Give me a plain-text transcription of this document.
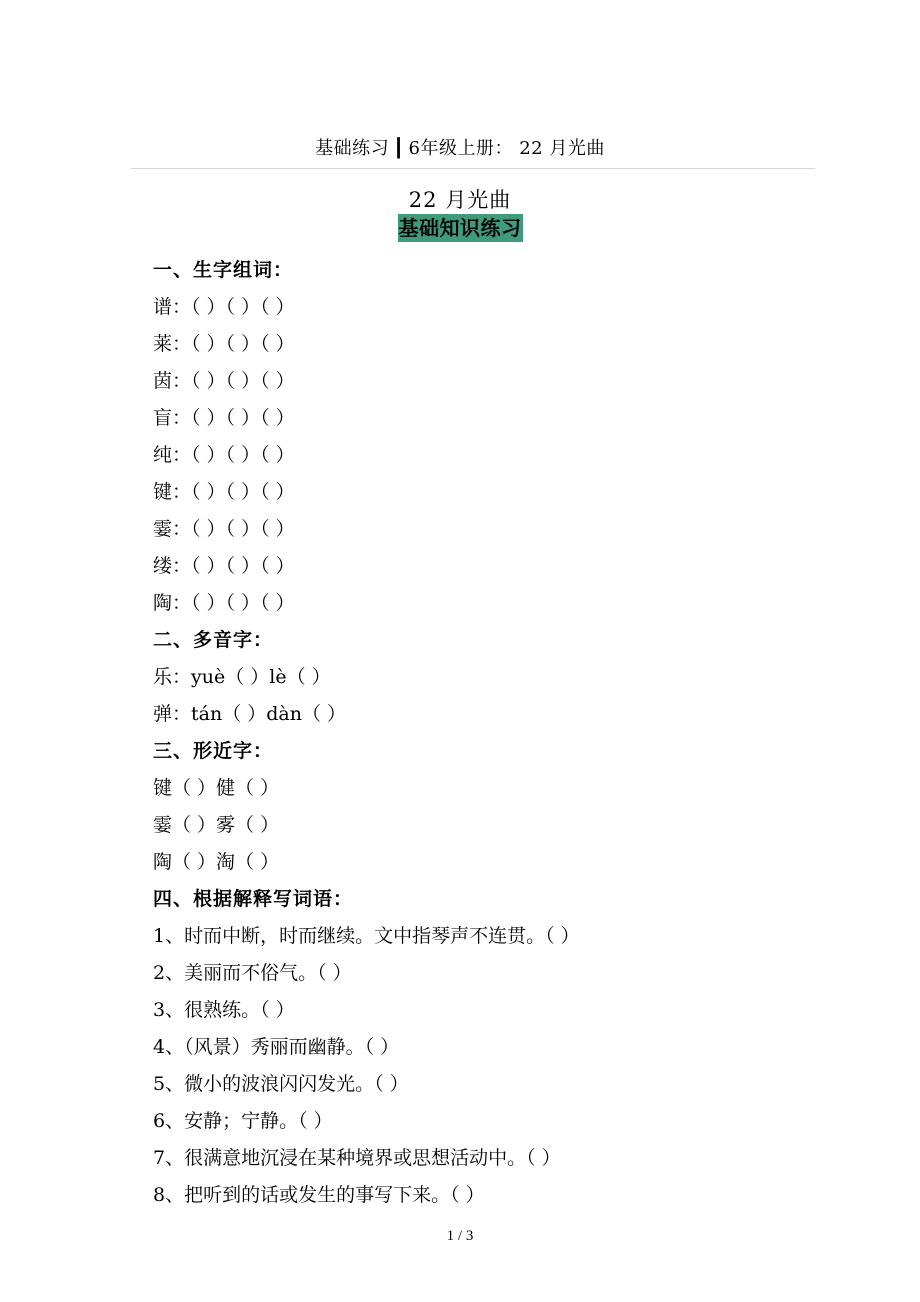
基础练习 ┃ 6年级上册： 22 月光曲
22 月光曲
基础知识练习
一、生字组词：
谱：（ ）（ ）（ ）
莱：（ ）（ ）（ ）
茵：（ ）（ ）（ ）
盲：（ ）（ ）（ ）
纯：（ ）（ ）（ ）
键：（ ）（ ）（ ）
霎：（ ）（ ）（ ）
缕：（ ）（ ）（ ）
陶：（ ）（ ）（ ）
二、多音字：
乐：yuè（ ）lè（ ）
弹：tán（ ）dàn（ ）
三、形近字：
键（ ）健（ ）
霎（ ）雾（ ）
陶（ ）淘（ ）
四、根据解释写词语：
1、时而中断，时而继续。文中指琴声不连贯。（ ）
2、美丽而不俗气。（ ）
3、很熟练。（ ）
4、（风景）秀丽而幽静。（ ）
5、微小的波浪闪闪发光。（ ）
6、安静；宁静。（ ）
7、很满意地沉浸在某种境界或思想活动中。（ ）
8、把听到的话或发生的事写下来。（ ）
1 / 3
